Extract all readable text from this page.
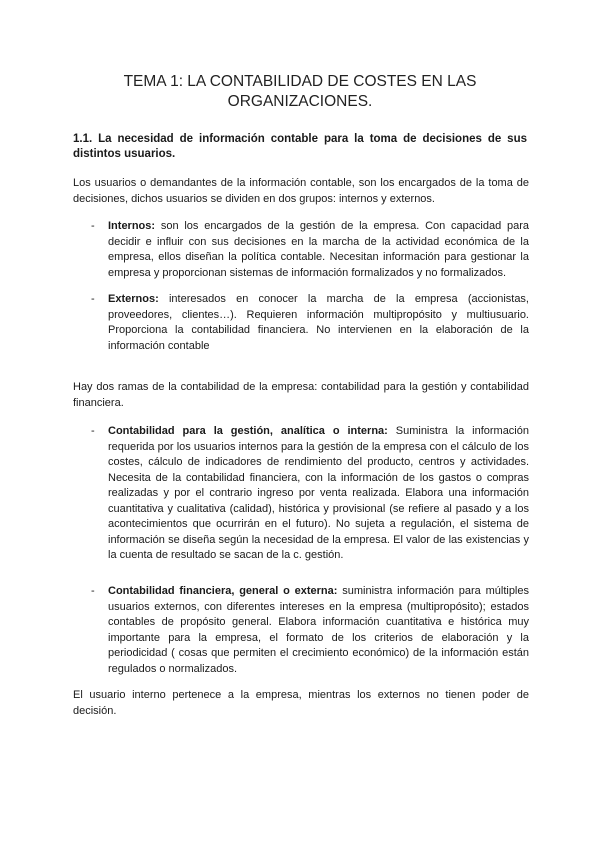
TEMA 1: LA CONTABILIDAD DE COSTES EN LAS
ORGANIZACIONES.

1.1. La necesidad de información contable para la toma de decisiones de sus distintos usuarios.

Los usuarios o demandantes de la información contable, son los encargados de la toma de decisiones, dichos usuarios se dividen en dos grupos: internos y externos.

- Internos: son los encargados de la gestión de la empresa. Con capacidad para decidir e influir con sus decisiones en la marcha de la actividad económica de la empresa, ellos diseñan la política contable. Necesitan información para gestionar la empresa y proporcionan sistemas de información formalizados y no formalizados.
- Externos: interesados en conocer la marcha de la empresa (accionistas, proveedores, clientes…). Requieren información multipropósito y multiusuario. Proporciona la contabilidad financiera. No intervienen en la elaboración de la información contable

Hay dos ramas de la contabilidad de la empresa: contabilidad para la gestión y contabilidad financiera.

- Contabilidad para la gestión, analítica o interna: Suministra la información requerida por los usuarios internos para la gestión de la empresa con el cálculo de los costes, cálculo de indicadores de rendimiento del producto, centros y actividades. Necesita de la contabilidad financiera, con la información de los gastos o compras realizadas y por el contrario ingreso por venta realizada. Elabora una información cuantitativa y cualitativa (calidad), histórica y provisional (se refiere al pasado y a los acontecimientos que ocurrirán en el futuro). No sujeta a regulación, el sistema de información se diseña según la necesidad de la empresa. El valor de las existencias y la cuenta de resultado se sacan de la c. gestión.
- Contabilidad financiera, general o externa: suministra información para múltiples usuarios externos, con diferentes intereses en la empresa (multipropósito); estados contables de propósito general. Elabora información cuantitativa e histórica muy importante para la empresa, el formato de los criterios de elaboración y la periodicidad ( cosas que permiten el crecimiento económico) de la información están regulados o normalizados.

El usuario interno pertenece a la empresa, mientras los externos no tienen poder de decisión.
